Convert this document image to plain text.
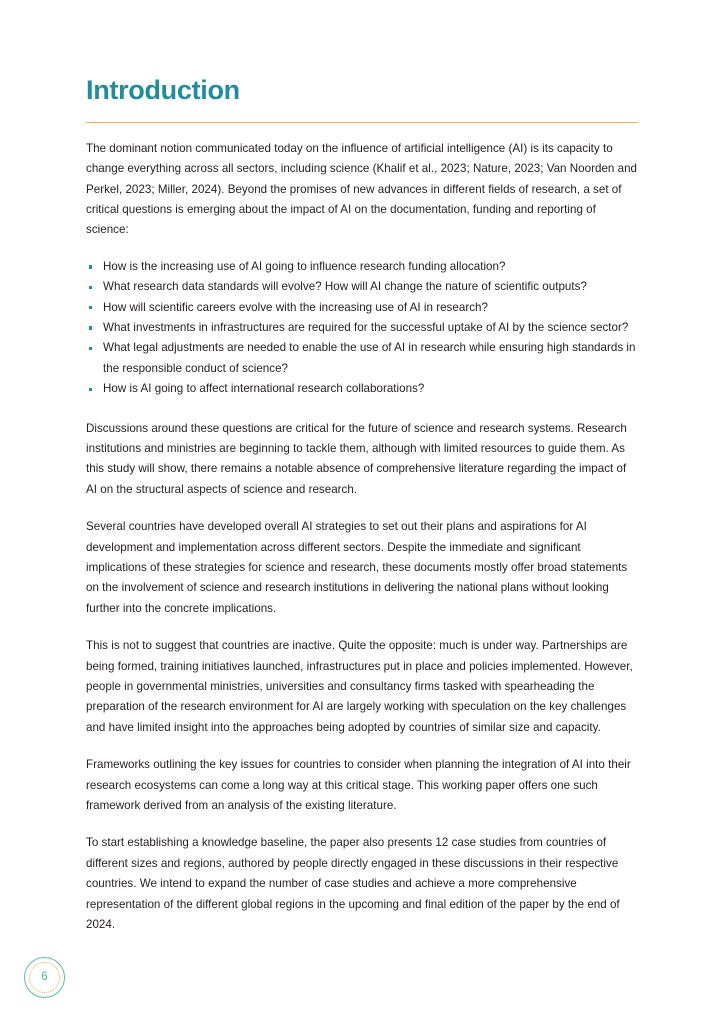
Introduction

The dominant notion communicated today on the influence of artificial intelligence (AI) is its capacity to change everything across all sectors, including science (Khalif et al., 2023; Nature, 2023; Van Noorden and Perkel, 2023; Miller, 2024). Beyond the promises of new advances in different fields of research, a set of critical questions is emerging about the impact of AI on the documentation, funding and reporting of science:

How is the increasing use of AI going to influence research funding allocation?
What research data standards will evolve? How will AI change the nature of scientific outputs?
How will scientific careers evolve with the increasing use of AI in research?
What investments in infrastructures are required for the successful uptake of AI by the science sector?
What legal adjustments are needed to enable the use of AI in research while ensuring high standards in the responsible conduct of science?
How is AI going to affect international research collaborations?

Discussions around these questions are critical for the future of science and research systems. Research institutions and ministries are beginning to tackle them, although with limited resources to guide them. As this study will show, there remains a notable absence of comprehensive literature regarding the impact of AI on the structural aspects of science and research.

Several countries have developed overall AI strategies to set out their plans and aspirations for AI development and implementation across different sectors. Despite the immediate and significant implications of these strategies for science and research, these documents mostly offer broad statements on the involvement of science and research institutions in delivering the national plans without looking further into the concrete implications.

This is not to suggest that countries are inactive. Quite the opposite: much is under way. Partnerships are being formed, training initiatives launched, infrastructures put in place and policies implemented. However, people in governmental ministries, universities and consultancy firms tasked with spearheading the preparation of the research environment for AI are largely working with speculation on the key challenges and have limited insight into the approaches being adopted by countries of similar size and capacity.

Frameworks outlining the key issues for countries to consider when planning the integration of AI into their research ecosystems can come a long way at this critical stage. This working paper offers one such framework derived from an analysis of the existing literature.

To start establishing a knowledge baseline, the paper also presents 12 case studies from countries of different sizes and regions, authored by people directly engaged in these discussions in their respective countries. We intend to expand the number of case studies and achieve a more comprehensive representation of the different global regions in the upcoming and final edition of the paper by the end of 2024.

6
